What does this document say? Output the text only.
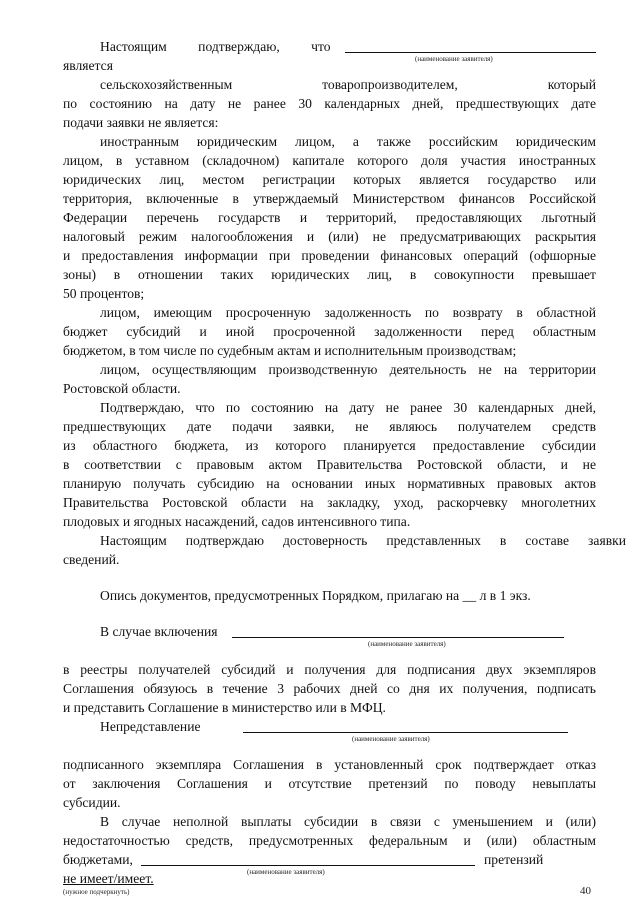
Настоящим подтверждаю, что
(наименование заявителя)
является
сельскохозяйственным товаропроизводителем, который
по состоянию на дату не ранее 30 календарных дней, предшествующих дате
подачи заявки не является:
иностранным юридическим лицом, а также российским юридическим
лицом, в уставном (складочном) капитале которого доля участия иностранных
юридических лиц, местом регистрации которых является государство или
территория, включенные в утверждаемый Министерством финансов Российской
Федерации перечень государств и территорий, предоставляющих льготный
налоговый режим налогообложения и (или) не предусматривающих раскрытия
и предоставления информации при проведении финансовых операций (офшорные
зоны) в отношении таких юридических лиц, в совокупности превышает
50 процентов;
лицом, имеющим просроченную задолженность по возврату в областной
бюджет субсидий и иной просроченной задолженности перед областным
бюджетом, в том числе по судебным актам и исполнительным производствам;
лицом, осуществляющим производственную деятельность не на территории
Ростовской области.
Подтверждаю, что по состоянию на дату не ранее 30 календарных дней,
предшествующих дате подачи заявки, не являюсь получателем средств
из областного бюджета, из которого планируется предоставление субсидии
в соответствии с правовым актом Правительства Ростовской области, и не
планирую получать субсидию на основании иных нормативных правовых актов
Правительства Ростовской области на закладку, уход, раскорчевку многолетних
плодовых и ягодных насаждений, садов интенсивного типа.
Настоящим подтверждаю достоверность представленных в составе заявки
сведений.
Опись документов, предусмотренных Порядком, прилагаю на __ л в 1 экз.
В случае включения
(наименование заявителя)
в реестры получателей субсидий и получения для подписания двух экземпляров
Соглашения обязуюсь в течение 3 рабочих дней со дня их получения, подписать
и представить Соглашение в министерство или в МФЦ.
Непредставление
(наименование заявителя)
подписанного экземпляра Соглашения в установленный срок подтверждает отказ
от заключения Соглашения и отсутствие претензий по поводу невыплаты
субсидии.
В случае неполной выплаты субсидии в связи с уменьшением и (или)
недостаточностью средств, предусмотренных федеральным и (или) областным
бюджетами,	претензий
(наименование заявителя)
не имеет/имеет.
(нужное подчеркнуть)	40
